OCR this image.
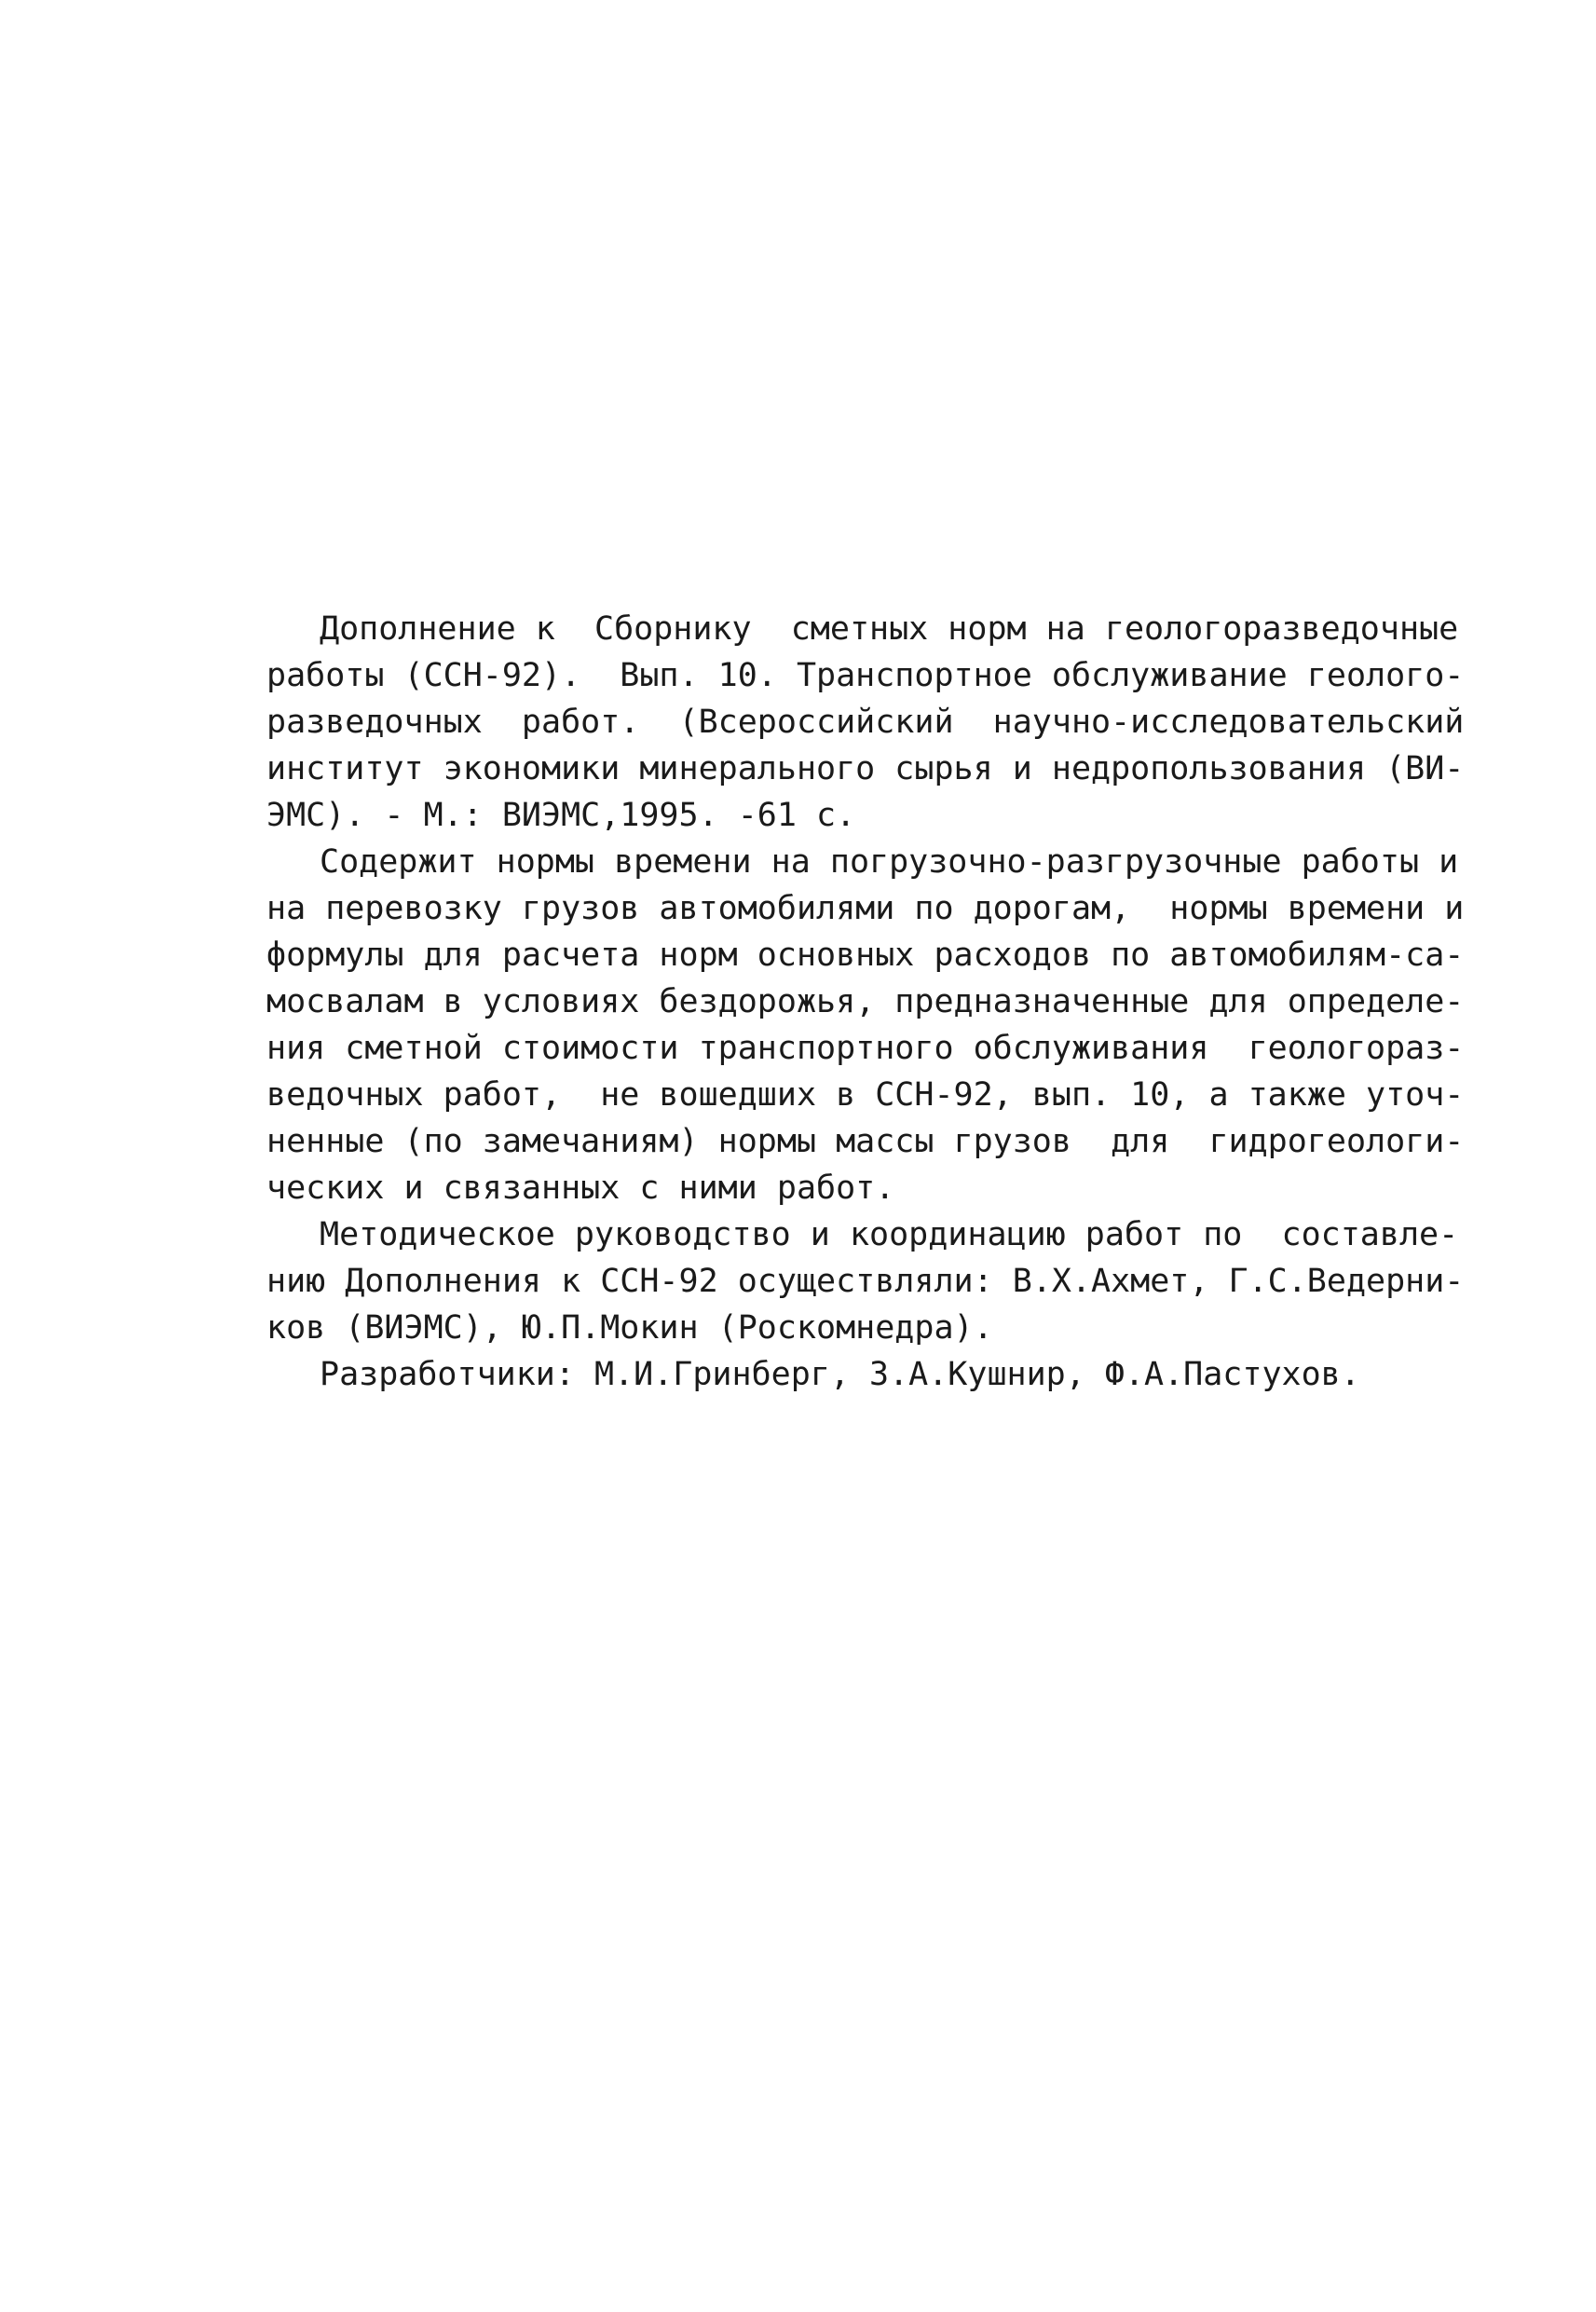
Дополнение к  Сборнику  сметных норм на геологоразведочные
работы (ССН-92).  Вып. 10. Транспортное обслуживание геолого-
разведочных  работ.  (Всероссийский  научно-исследовательский
институт экономики минерального сырья и недропользования (ВИ-
ЭМС). - М.: ВИЭМС,1995. -61 с.
Содержит нормы времени на погрузочно-разгрузочные работы и
на перевозку грузов автомобилями по дорогам,  нормы времени и
формулы для расчета норм основных расходов по автомобилям-са-
мосвалам в условиях бездорожья, предназначенные для определе-
ния сметной стоимости транспортного обслуживания  геологораз-
ведочных работ,  не вошедших в ССН-92, вып. 10, а также уточ-
ненные (по замечаниям) нормы массы грузов  для  гидрогеологи-
ческих и связанных с ними работ.
Методическое руководство и координацию работ по  составле-
нию Дополнения к ССН-92 осуществляли: В.Х.Ахмет, Г.С.Ведерни-
ков (ВИЭМС), Ю.П.Мокин (Роскомнедра).
Разработчики: М.И.Гринберг, З.А.Кушнир, Ф.А.Пастухов.
